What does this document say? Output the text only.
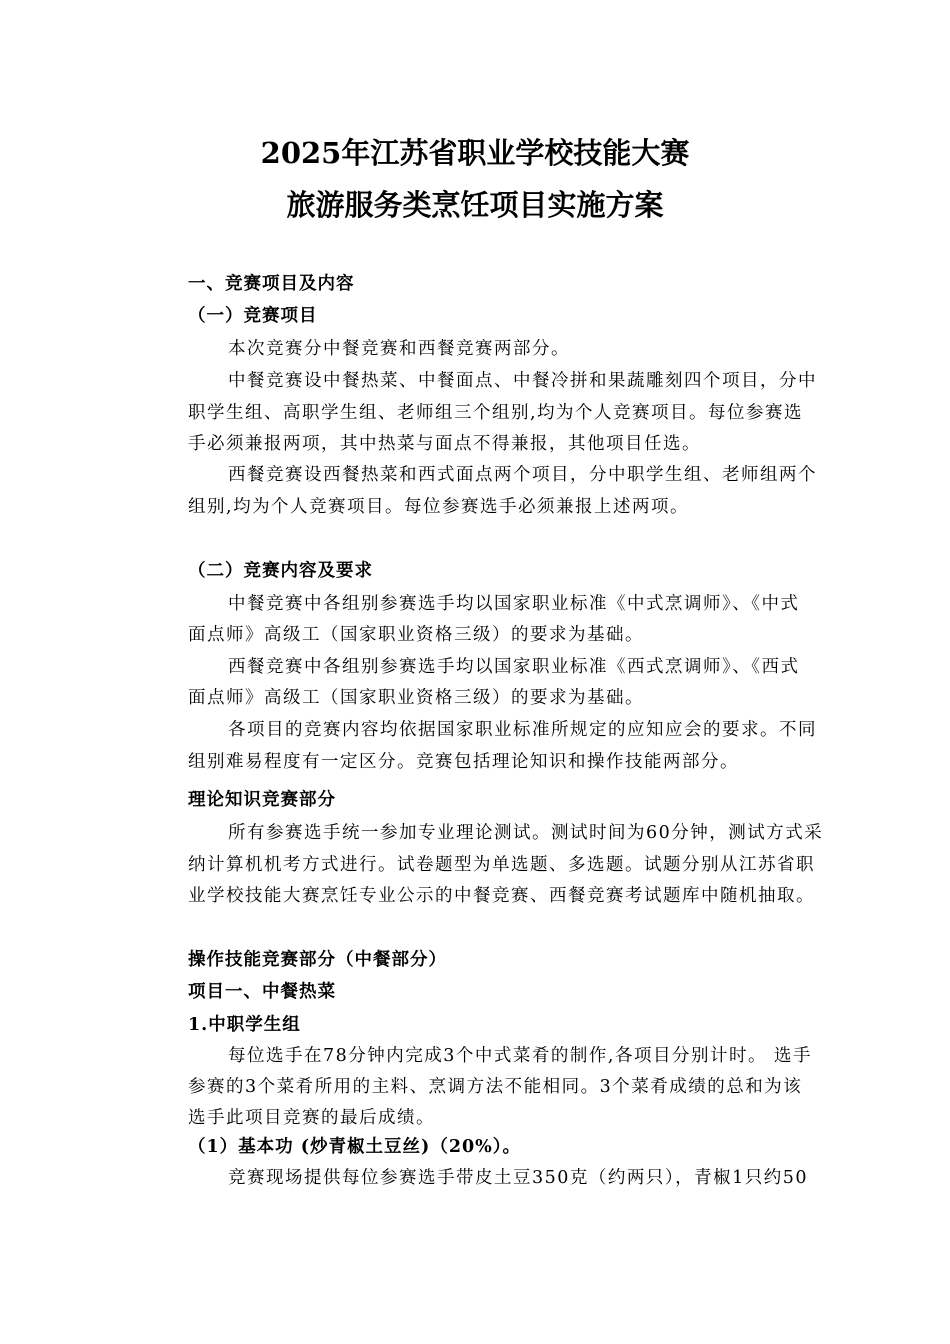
2025年江苏省职业学校技能大赛
旅游服务类烹饪项目实施方案
一、竞赛项目及内容
（一）竞赛项目
本次竞赛分中餐竞赛和西餐竞赛两部分。
中餐竞赛设中餐热菜、中餐面点、中餐冷拼和果蔬雕刻四个项目，分中
职学生组、高职学生组、老师组三个组别,均为个人竞赛项目。每位参赛选
手必须兼报两项，其中热菜与面点不得兼报，其他项目任选。
西餐竞赛设西餐热菜和西式面点两个项目，分中职学生组、老师组两个
组别,均为个人竞赛项目。每位参赛选手必须兼报上述两项。
（二）竞赛内容及要求
中餐竞赛中各组别参赛选手均以国家职业标准《中式烹调师》、《中式
面点师》高级工（国家职业资格三级）的要求为基础。
西餐竞赛中各组别参赛选手均以国家职业标准《西式烹调师》、《西式
面点师》高级工（国家职业资格三级）的要求为基础。
各项目的竞赛内容均依据国家职业标准所规定的应知应会的要求。不同
组别难易程度有一定区分。竞赛包括理论知识和操作技能两部分。
理论知识竞赛部分
所有参赛选手统一参加专业理论测试。测试时间为60分钟，测试方式采
纳计算机机考方式进行。试卷题型为单选题、多选题。试题分别从江苏省职
业学校技能大赛烹饪专业公示的中餐竞赛、西餐竞赛考试题库中随机抽取。
操作技能竞赛部分（中餐部分）
项目一、中餐热菜
1.中职学生组
每位选手在78分钟内完成3个中式菜肴的制作,各项目分别计时。 选手
参赛的3个菜肴所用的主料、烹调方法不能相同。3个菜肴成绩的总和为该
选手此项目竞赛的最后成绩。
（1）基本功 (炒青椒土豆丝)（20%）。
竞赛现场提供每位参赛选手带皮土豆350克（约两只），青椒1只约50
